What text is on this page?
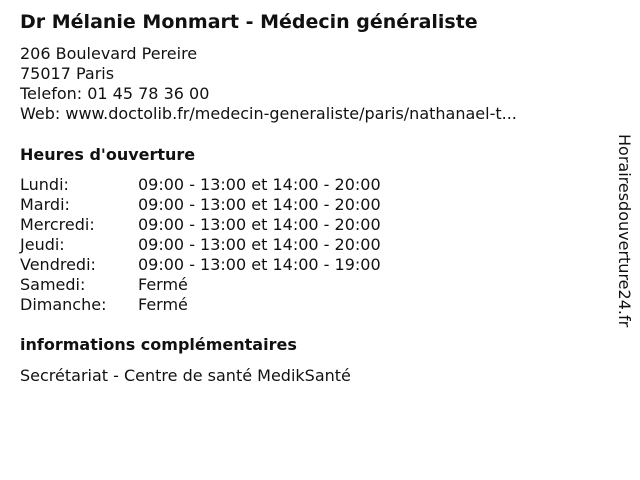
Dr Mélanie Monmart - Médecin généraliste
206 Boulevard Pereire
75017 Paris
Telefon: 01 45 78 36 00
Web: www.doctolib.fr/medecin-generaliste/paris/nathanael-t...
Heures d'ouverture
Lundi:	09:00 - 13:00 et 14:00 - 20:00
Mardi:	09:00 - 13:00 et 14:00 - 20:00
Mercredi:	09:00 - 13:00 et 14:00 - 20:00
Jeudi:	09:00 - 13:00 et 14:00 - 20:00
Vendredi:	09:00 - 13:00 et 14:00 - 19:00
Samedi:	Fermé
Dimanche:	Fermé
informations complémentaires
Secrétariat - Centre de santé MedikSanté
Horairesdouverture24.fr
